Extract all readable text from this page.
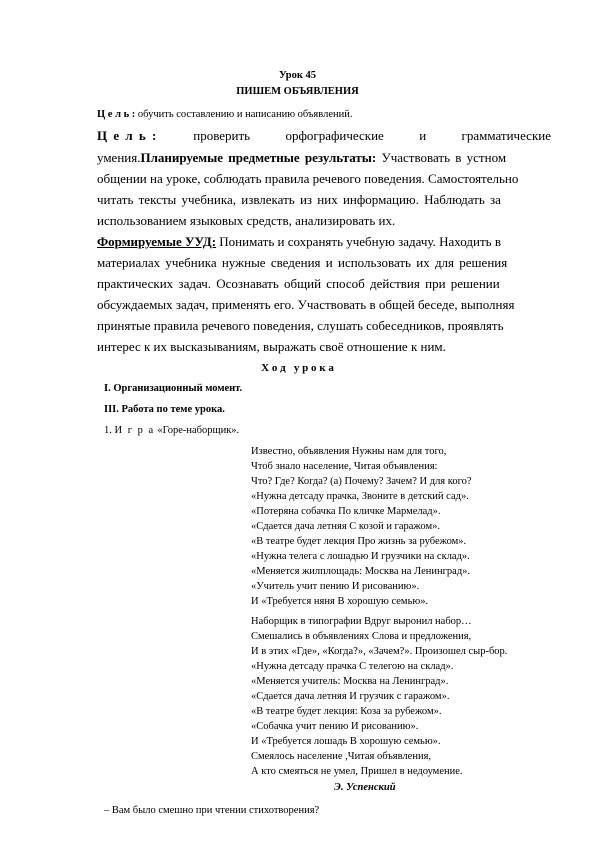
Урок 45
ПИШЕМ ОБЪЯВЛЕНИЯ
Ц е л ь : обучить составлению и написанию объявлений.
Ц е л ь :	проверить	орфографические	и	грамматические
умения.Планируемые предметные результаты: Участвовать в устном
общении на уроке, соблюдать правила речевого поведения. Самостоятельно
читать тексты учебника, извлекать из них информацию. Наблюдать за
использованием языковых средств, анализировать их.
Формируемые УУД: Понимать и сохранять учебную задачу. Находить в
материалах учебника нужные сведения и использовать их для решения
практических задач. Осознавать общий способ действия при решении
обсуждаемых задач, применять его. Участвовать в общей беседе, выполняя
принятые правила речевого поведения, слушать собеседников, проявлять
интерес к их высказываниям, выражать своё отношение к ним.
Х о д   у р о к а
I. Организационный момент.
III. Работа по теме урока.
1. И г р а «Горе-наборщик».
Известно, объявления Нужны нам для того,
Чтоб знало население, Читая объявления:
Что? Где? Когда? (а) Почему? Зачем? И для кого?
«Нужна детсаду прачка, Звоните в детский сад».
«Потеряна собачка По кличке Мармелад».
«Сдается дача летняя С козой и гаражом».
«В театре будет лекция Про жизнь за рубежом».
«Нужна телега с лошадью И грузчики на склад».
«Меняется жилплощадь: Москва на Ленинград».
«Учитель учит пению И рисованию».
И «Требуется няня В хорошую семью».
Наборщик в типографии Вдруг выронил набор…
Смешались в объявлениях Слова и предложения,
И в этих «Где», «Когда?», «Зачем?». Произошел сыр-бор.
«Нужна детсаду прачка С телегою на склад».
«Меняется учитель: Москва на Ленинград».
«Сдается дача летняя И грузчик с гаражом».
«В театре будет лекция: Коза за рубежом».
«Собачка учит пению И рисованию».
И «Требуется лошадь В хорошую семью».
Смеялось население ,Читая объявления,
А кто смеяться не умел, Пришел в недоумение.
Э. Успенский
– Вам было смешно при чтении стихотворения?
